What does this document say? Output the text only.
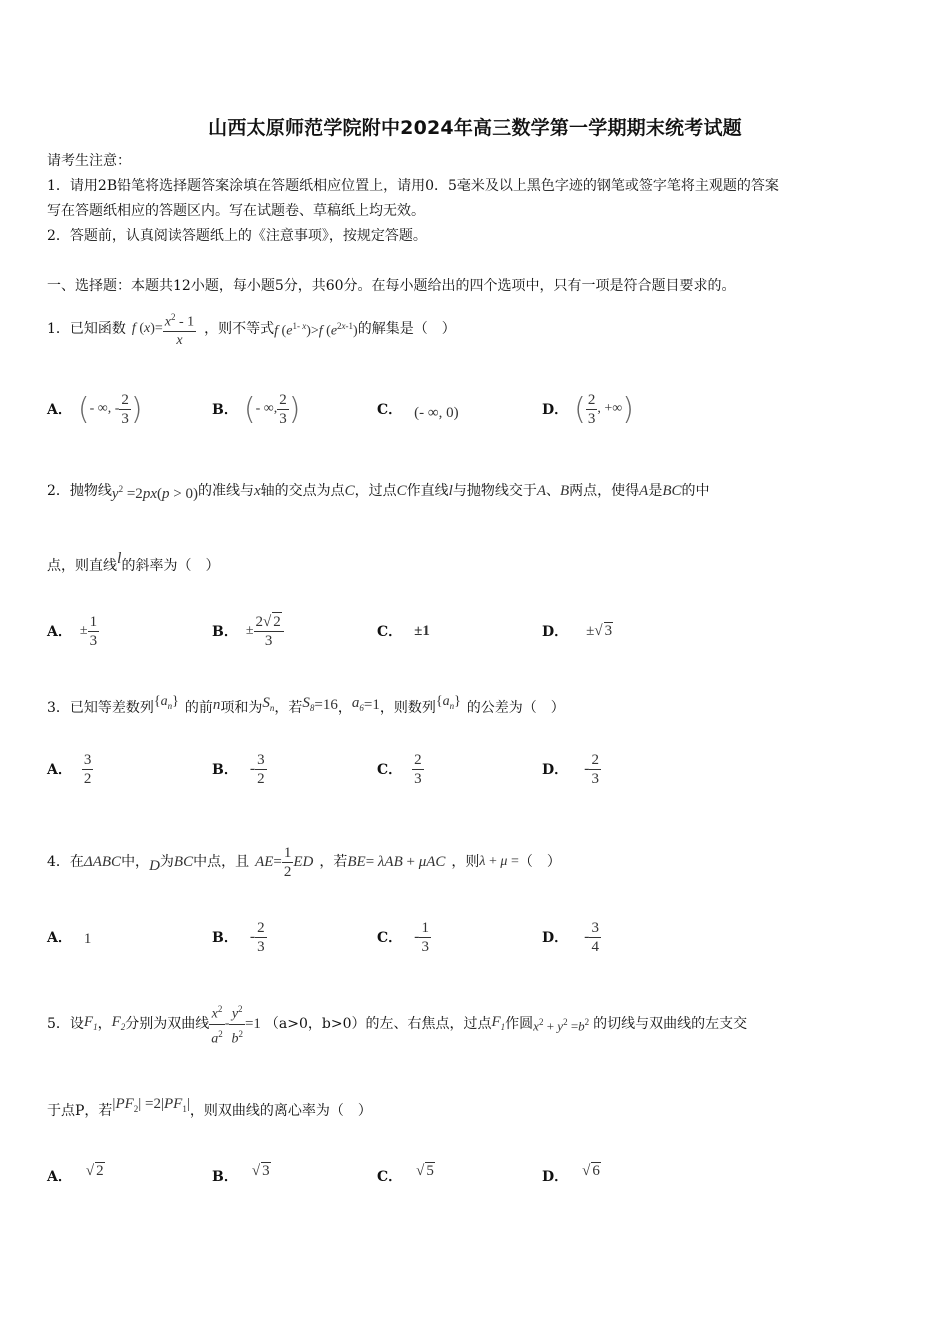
山西太原师范学院附中2024年高三数学第一学期期末统考试题
请考生注意：
1．请用2B铅笔将选择题答案涂填在答题纸相应位置上，请用0．5毫米及以上黑色字迹的钢笔或签字笔将主观题的答案
写在答题纸相应的答题区内。写在试题卷、草稿纸上均无效。
2．答题前，认真阅读答题纸上的《注意事项》，按规定答题。
一、选择题：本题共12小题，每小题5分，共60分。在每小题给出的四个选项中，只有一项是符合题目要求的。
1．已知函数 f $(x)= \frac{x^2 - 1}{x}$ ，则不等式 f $(e^{1- x})>f$ $(e^{2x-1})$ 的解集是（　）
A． ( - ∞, - $\frac{2}{3}$ )	B． ( - ∞, $\frac{2}{3}$ )	C． (- ∞, 0)	D． ( $\frac{2}{3}$ , +∞ )
2．抛物线 $y^2 =2px(p > 0)$ 的准线与 x 轴的交点为点 C ，过点 C 作直线 l 与抛物线交于 A 、 B 两点，使得 A 是 BC 的中
点，则直线 l 的斜率为（　）
A． ± $\frac{1}{3}$	B． ± $\frac{2√ 2}{3}$	C． ±1	D． ±√ 3
3．已知等差数列 $\{a_n\}$ 的前 n 项和为 $S_n$ ，若 $S_8 =16$ ， $a_6 =1$ ，则数列 $\{a_n\}$ 的公差为（　）
A． $\frac{3}{2}$	B． - $\frac{3}{2}$	C． $\frac{2}{3}$	D． - $\frac{2}{3}$
4．在 ΔABC 中， D 为 BC 中点，且 AE = $\frac{1}{2}$ ED ，若 BE = λAB + μAC ，则 λ + μ = （　）
A． 1	B． - $\frac{2}{3}$	C． - $\frac{1}{3}$	D． - $\frac{3}{4}$
5．设 $F_1$ ， $F_2$ 分别为双曲线 $\frac{x^2}{a^2} - \frac{y^2}{b^2} =1$ （a>0，b>0）的左、右焦点，过点 $F_1$ 作圆 $x^2 + y^2 =b^2$ 的切线与双曲线的左支交
于点P，若 $|PF_2| =2|PF_1|$ ，则双曲线的离心率为（　）
A． √ 2	B． √ 3	C． √ 5	D． √ 6
